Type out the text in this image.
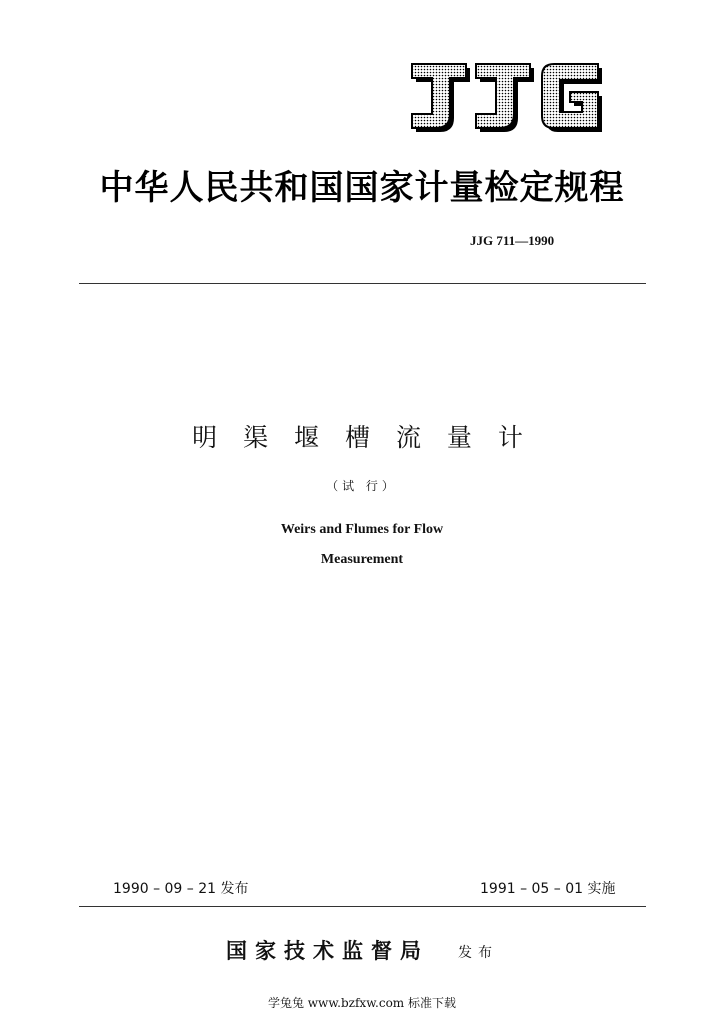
中华人民共和国国家计量检定规程
JJG 711—1990
明 渠 堰 槽 流 量 计
（试 行）
Weirs and Flumes for Flow
Measurement
1990 – 09 – 21 发布	1991 – 05 – 01 实施
国家技术监督局 发布
学兔兔 www.bzfxw.com 标准下载
